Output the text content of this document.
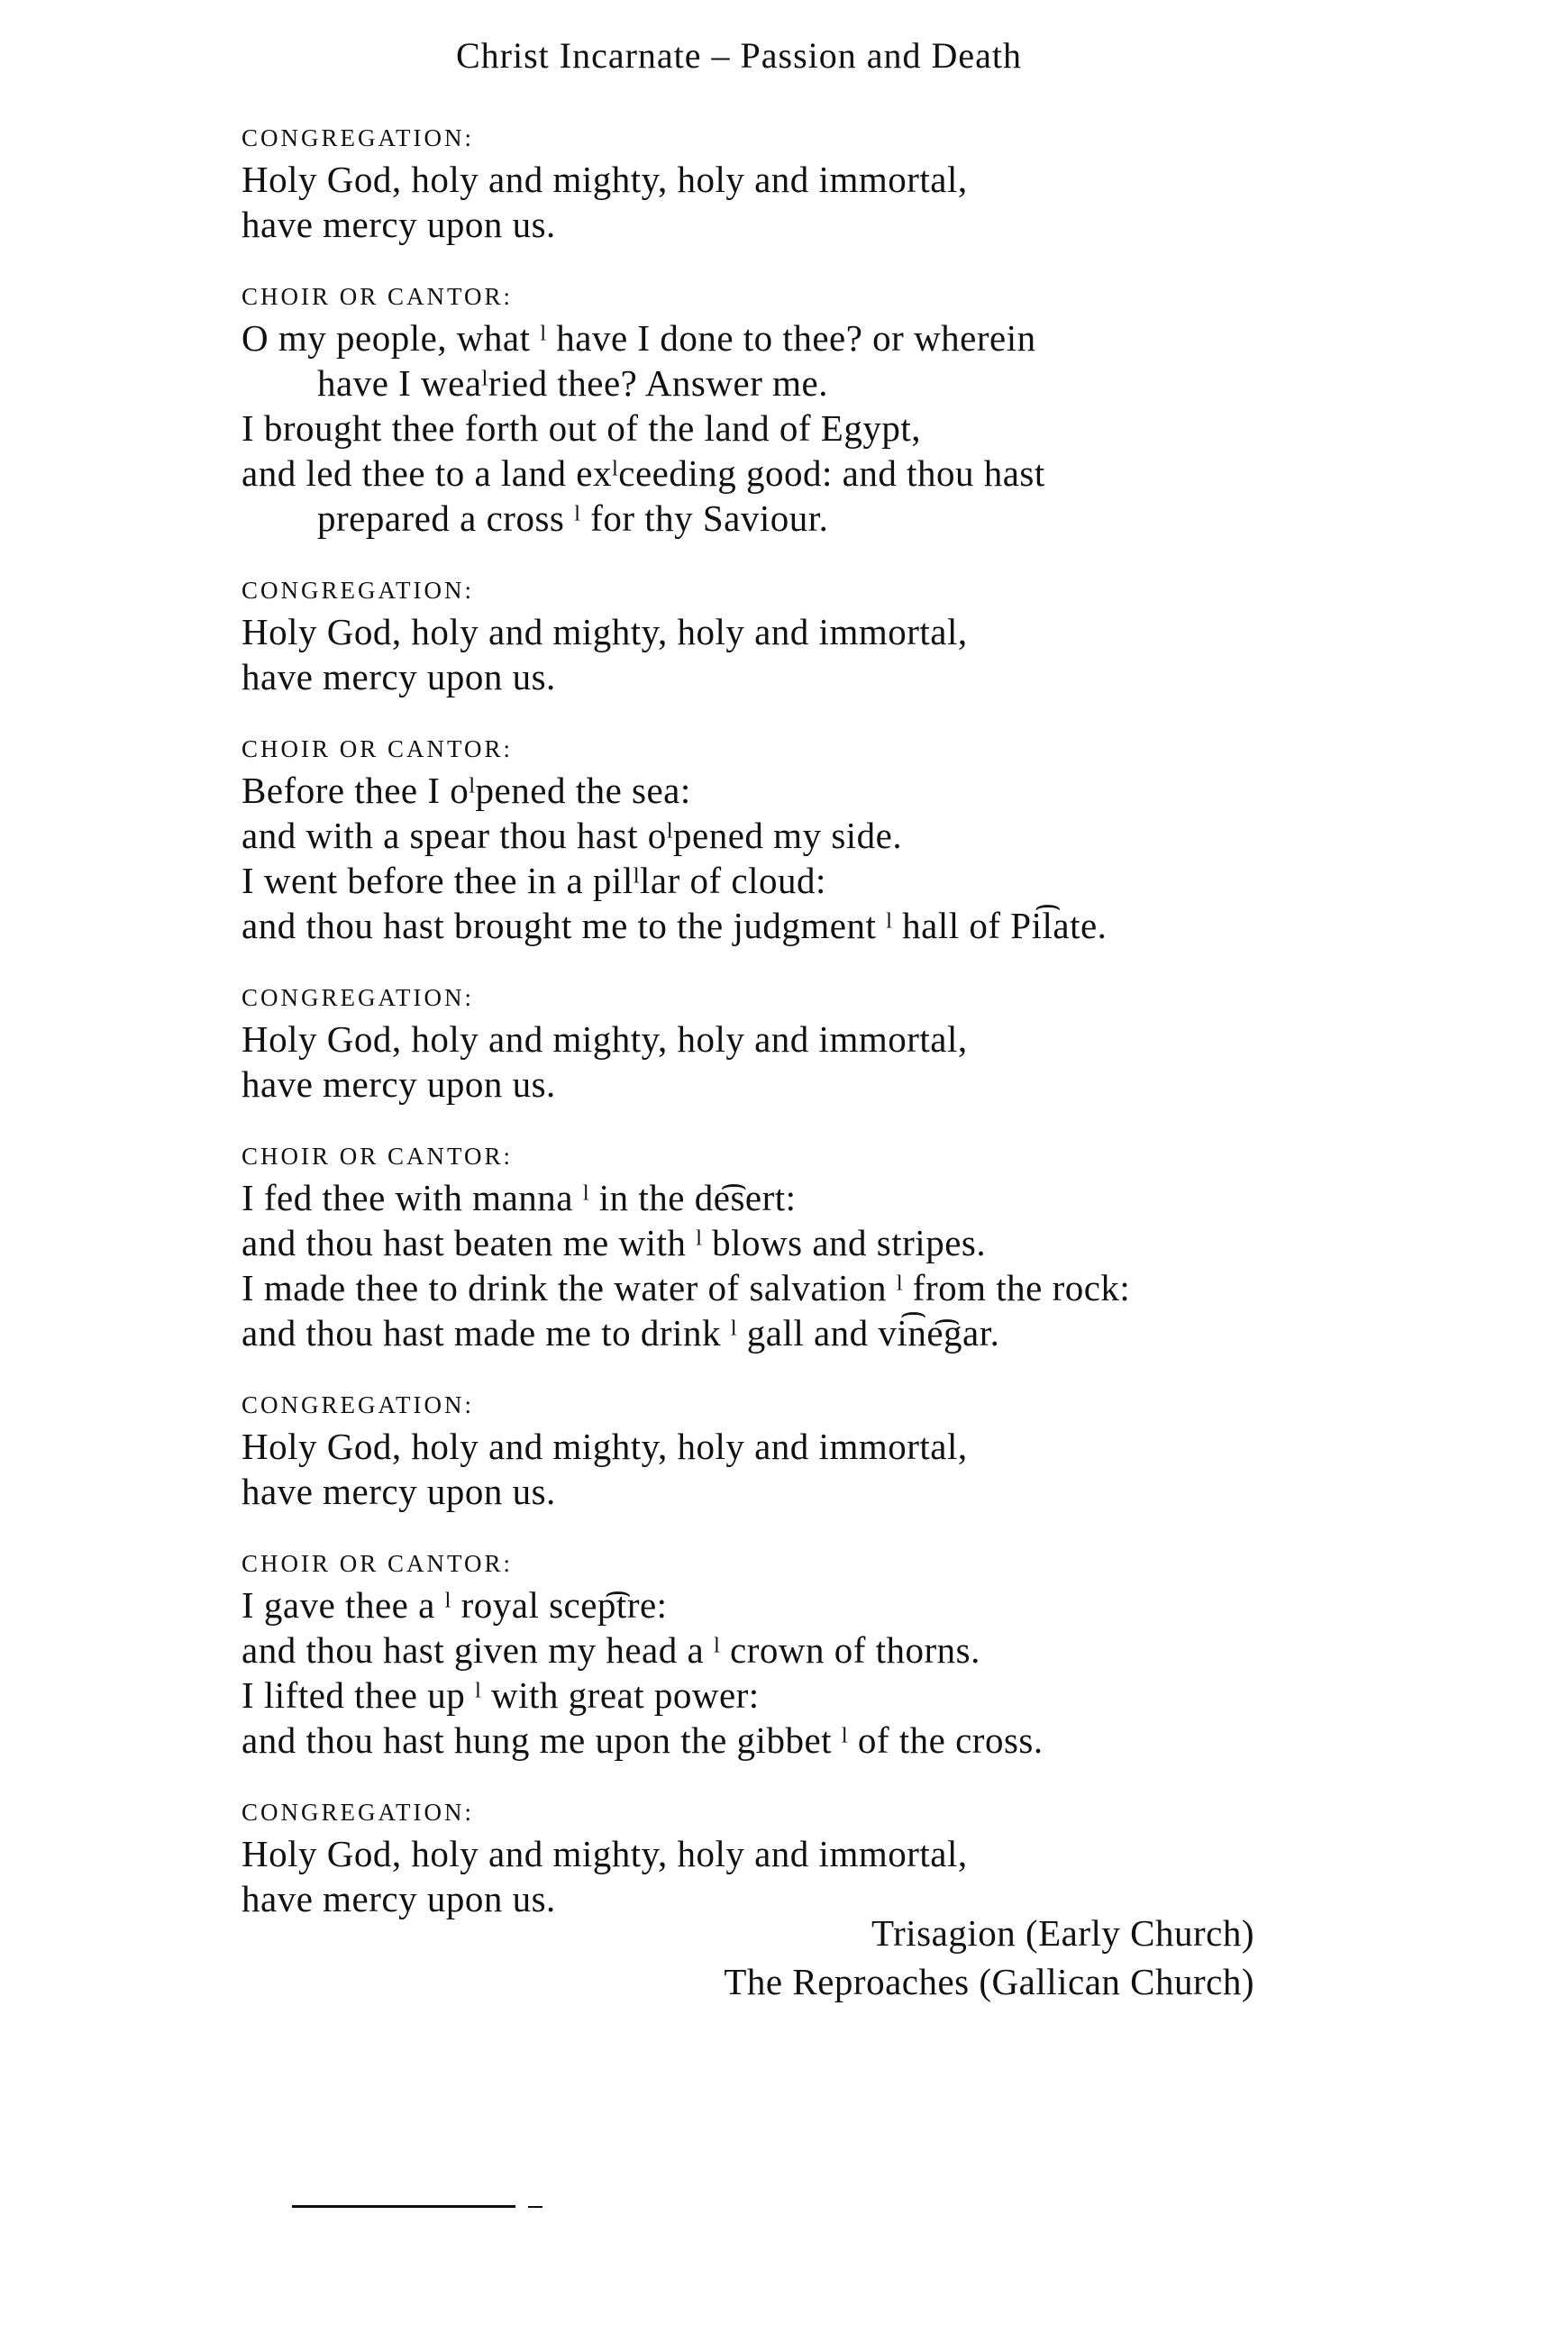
Christ Incarnate – Passion and Death
CONGREGATION:
Holy God, holy and mighty, holy and immortal,
have mercy upon us.
CHOIR OR CANTOR:
O my people, what ˡ have I done to thee? or wherein
have I weaˡried thee? Answer me.
I brought thee forth out of the land of Egypt,
and led thee to a land exˡceeding good: and thou hast
prepared a cross ˡ for thy Saviour.
CONGREGATION:
Holy God, holy and mighty, holy and immortal,
have mercy upon us.
CHOIR OR CANTOR:
Before thee I oˡpened the sea:
and with a spear thou hast oˡpened my side.
I went before thee in a pilˡlar of cloud:
and thou hast brought me to the judgment ˡ hall of Pi͡late.
CONGREGATION:
Holy God, holy and mighty, holy and immortal,
have mercy upon us.
CHOIR OR CANTOR:
I fed thee with manna ˡ in the de͡sert:
and thou hast beaten me with ˡ blows and stripes.
I made thee to drink the water of salvation ˡ from the rock:
and thou hast made me to drink ˡ gall and vi͡ne͡gar.
CONGREGATION:
Holy God, holy and mighty, holy and immortal,
have mercy upon us.
CHOIR OR CANTOR:
I gave thee a ˡ royal scep͡tre:
and thou hast given my head a ˡ crown of thorns.
I lifted thee up ˡ with great power:
and thou hast hung me upon the gibbet ˡ of the cross.
CONGREGATION:
Holy God, holy and mighty, holy and immortal,
have mercy upon us.
Trisagion (Early Church)
The Reproaches (Gallican Church)
